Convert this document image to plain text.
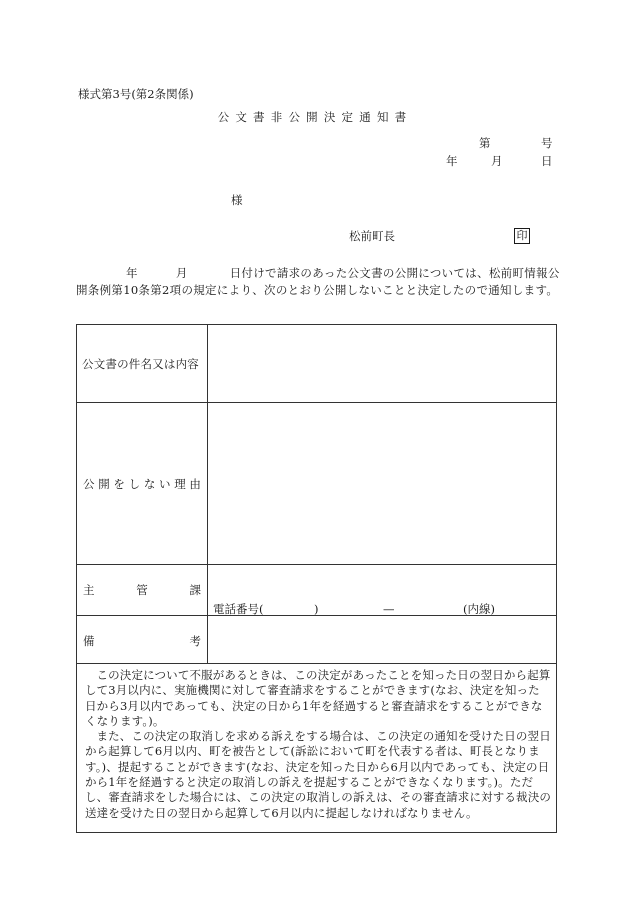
様式第3号(第2条関係)
公文書非公開決定通知書
第	号
年	月	日
様
松前町長	印
年	月	日付けで請求のあった公文書の公開については、松前町情報公開条例第10条第2項の規定により、次のとおり公開しないことと決定したので通知します。
公文書の件名又は内容
公 開 を し な い 理 由
主	管	課
電話番号(	)	—	(内線)
備	考

この決定について不服があるときは、この決定があったことを知った日の翌日から起算して3月以内に、実施機関に対して審査請求をすることができます(なお、決定を知った日から3月以内であっても、決定の日から1年を経過すると審査請求をすることができなくなります。)。

また、この決定の取消しを求める訴えをする場合は、この決定の通知を受けた日の翌日から起算して6月以内、町を被告として(訴訟において町を代表する者は、町長となります。)、提起することができます(なお、決定を知った日から6月以内であっても、決定の日から1年を経過すると決定の取消しの訴えを提起することができなくなります。)。ただし、審査請求をした場合には、この決定の取消しの訴えは、その審査請求に対する裁決の送達を受けた日の翌日から起算して6月以内に提起しなければなりません。
